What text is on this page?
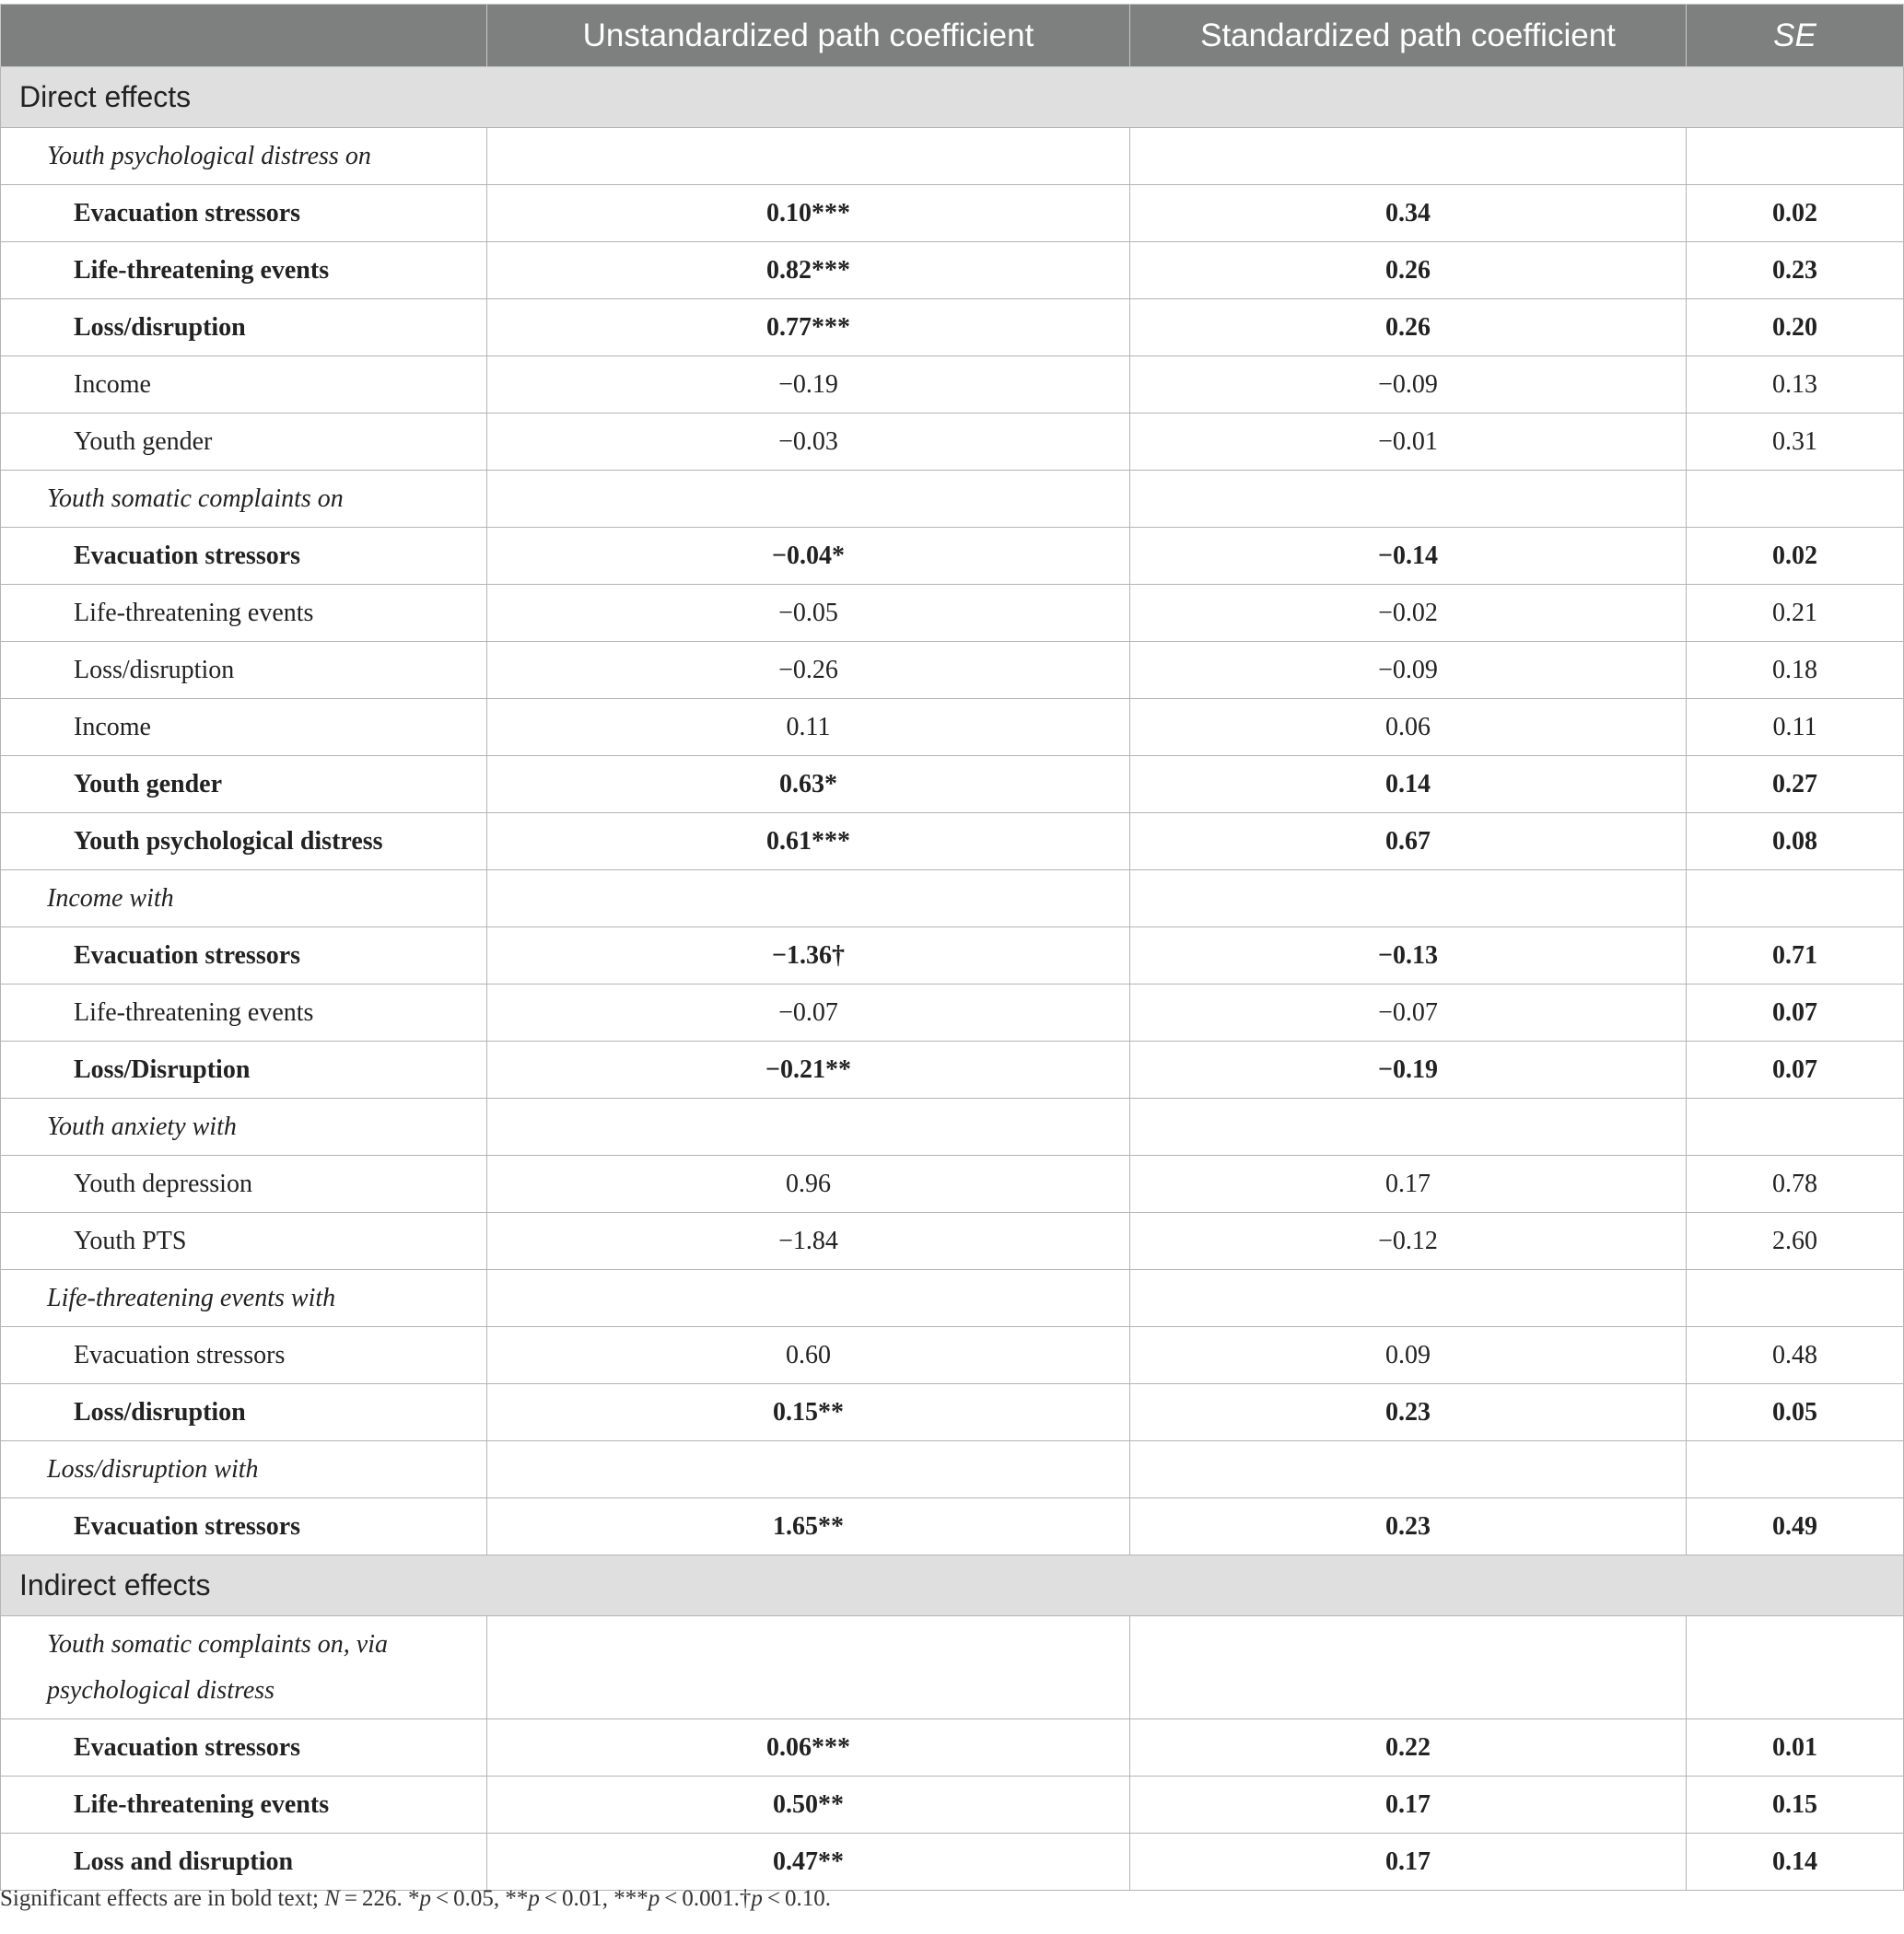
	Unstandardized path coefficient	Standardized path coefficient	SE
Direct effects			
Youth psychological distress on			
Evacuation stressors	0.10***	0.34	0.02
Life-threatening events	0.82***	0.26	0.23
Loss/disruption	0.77***	0.26	0.20
Income	−0.19	−0.09	0.13
Youth gender	−0.03	−0.01	0.31
Youth somatic complaints on			
Evacuation stressors	−0.04*	−0.14	0.02
Life-threatening events	−0.05	−0.02	0.21
Loss/disruption	−0.26	−0.09	0.18
Income	0.11	0.06	0.11
Youth gender	0.63*	0.14	0.27
Youth psychological distress	0.61***	0.67	0.08
Income with			
Evacuation stressors	−1.36†	−0.13	0.71
Life-threatening events	−0.07	−0.07	0.07
Loss/Disruption	−0.21**	−0.19	0.07
Youth anxiety with			
Youth depression	0.96	0.17	0.78
Youth PTS	−1.84	−0.12	2.60
Life-threatening events with			
Evacuation stressors	0.60	0.09	0.48
Loss/disruption	0.15**	0.23	0.05
Loss/disruption with			
Evacuation stressors	1.65**	0.23	0.49
Indirect effects			
Youth somatic complaints on, via psychological distress			
Evacuation stressors	0.06***	0.22	0.01
Life-threatening events	0.50**	0.17	0.15
Loss and disruption	0.47**	0.17	0.14
Significant effects are in bold text; N = 226. *p < 0.05, **p < 0.01, ***p < 0.001.†p < 0.10.
